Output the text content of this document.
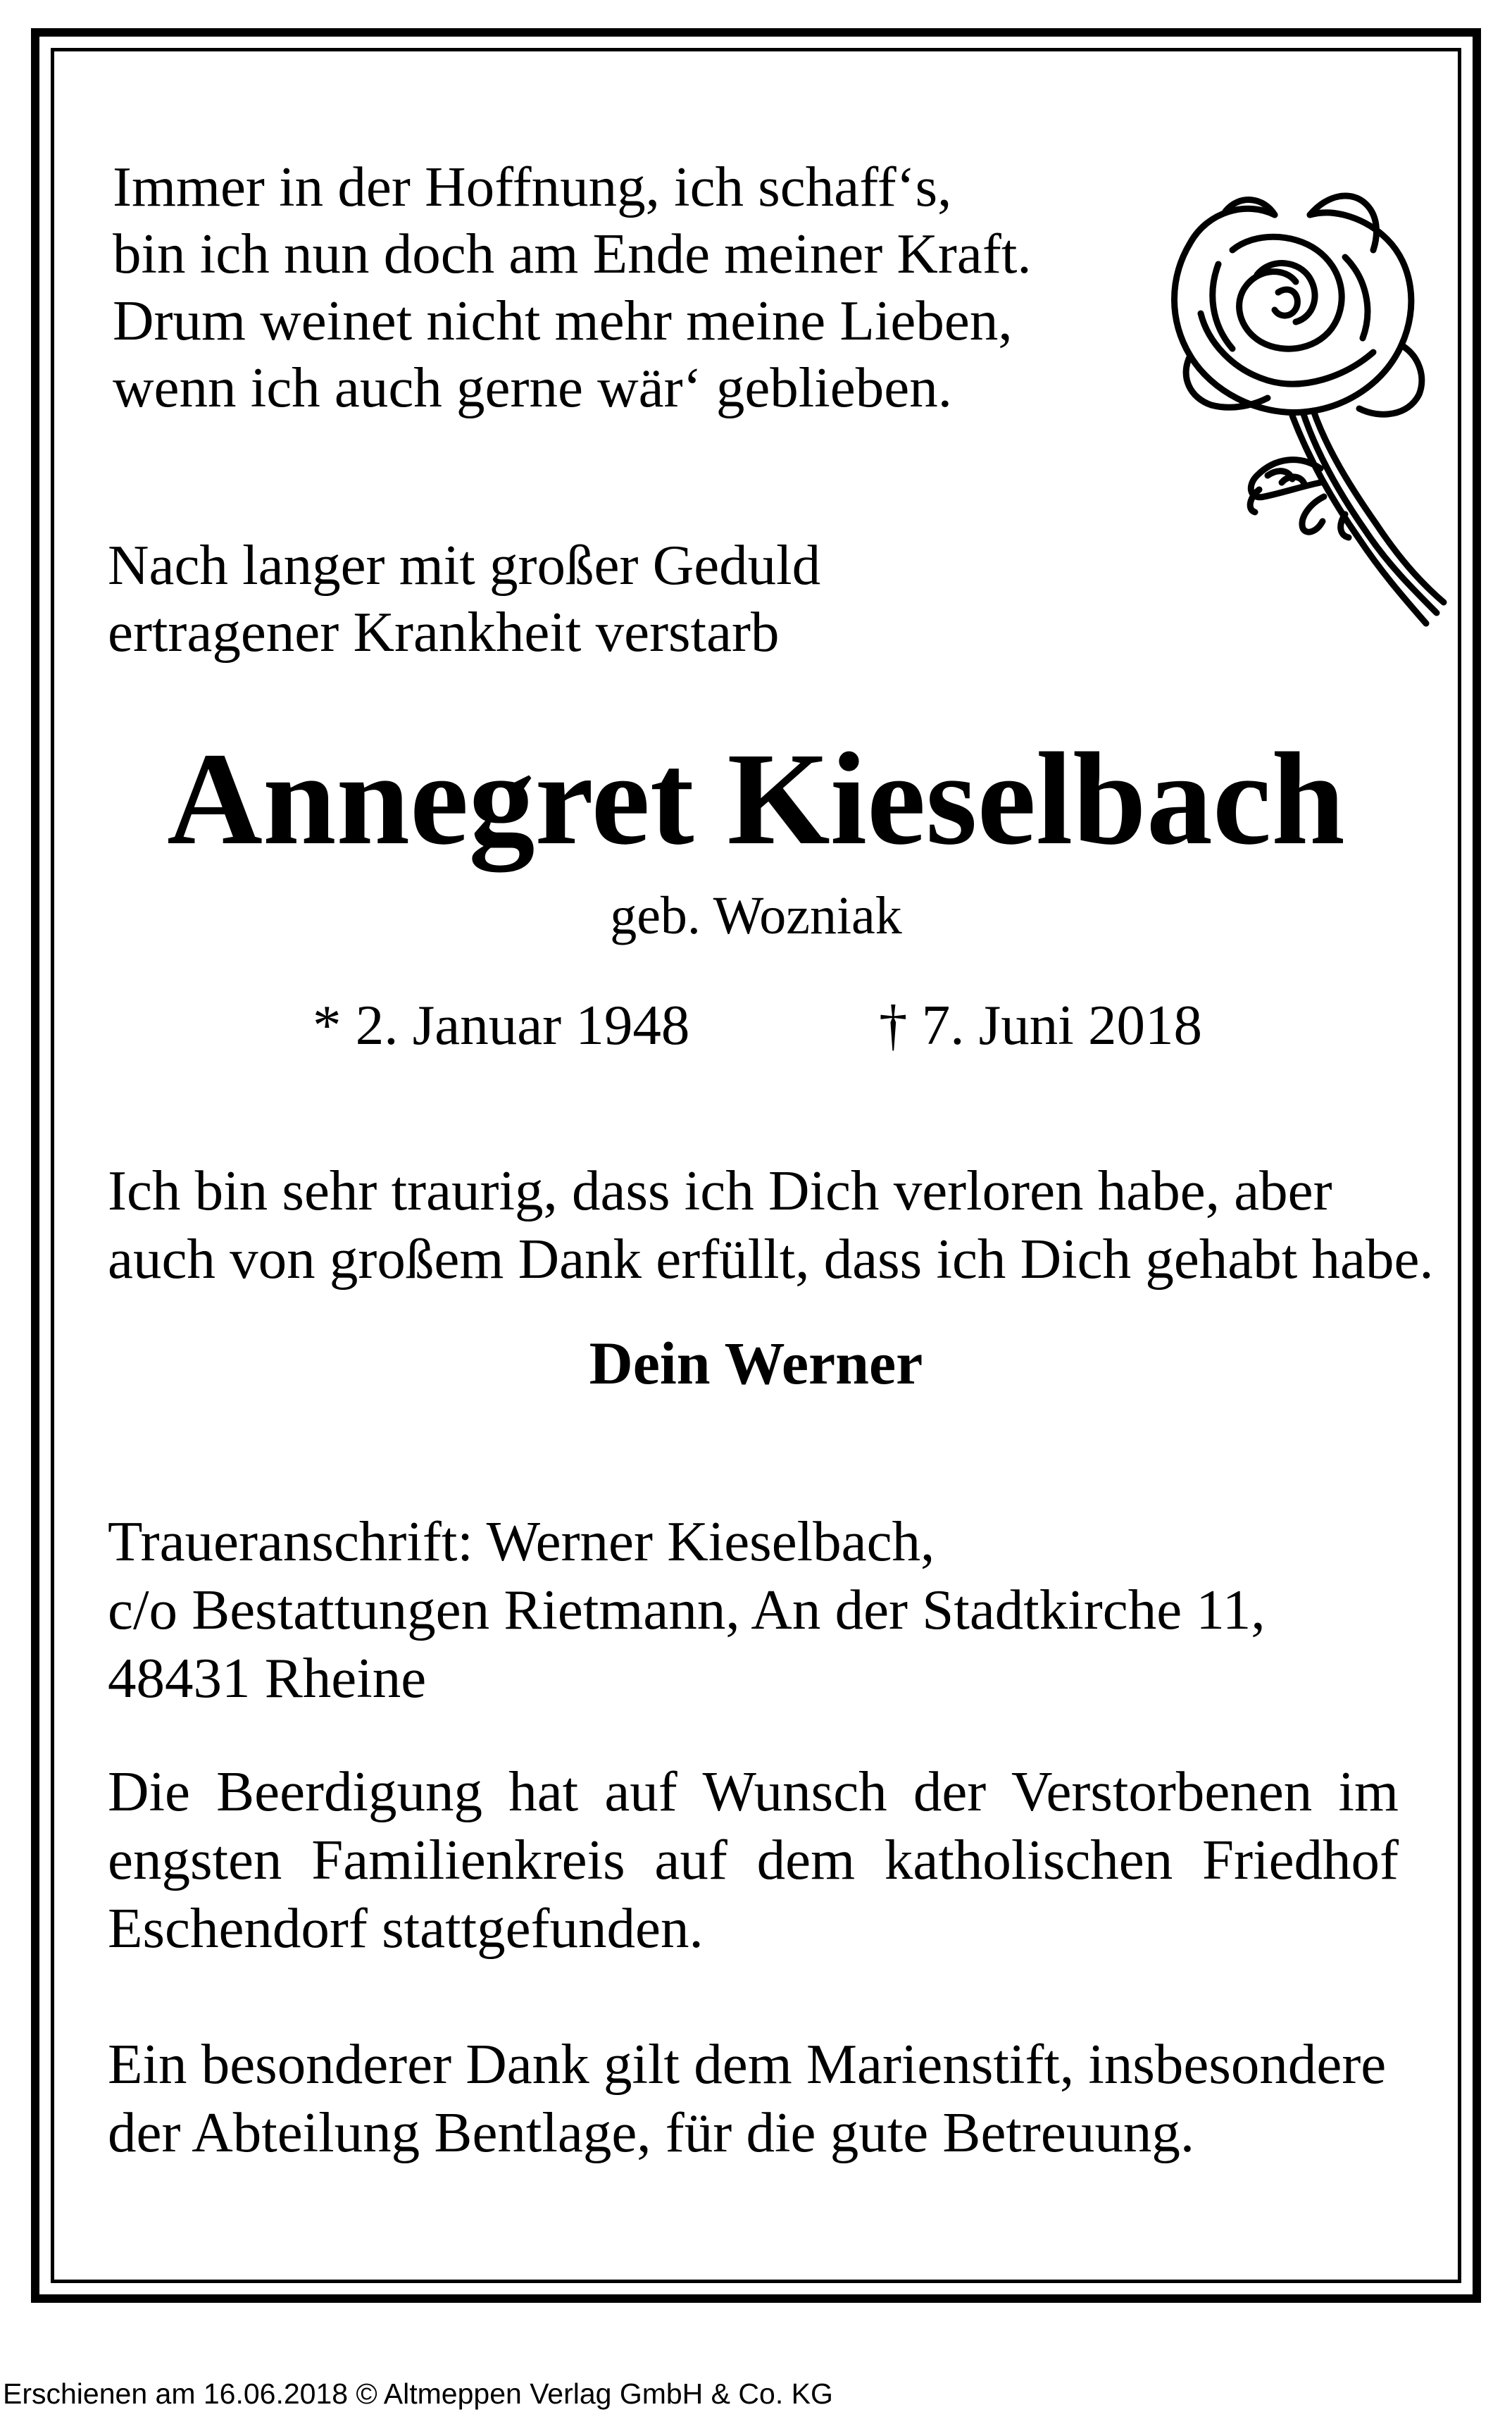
Immer in der Hoffnung, ich schaff‘s,
bin ich nun doch am Ende meiner Kraft.
Drum weinet nicht mehr meine Lieben,
wenn ich auch gerne wär‘ geblieben.
Nach langer mit großer Geduld
ertragener Krankheit verstarb
Annegret Kieselbach
geb. Wozniak
* 2. Januar 1948	† 7. Juni 2018
Ich bin sehr traurig, dass ich Dich verloren habe, aber
auch von großem Dank erfüllt, dass ich Dich gehabt habe.
Dein Werner
Traueranschrift: Werner Kieselbach,
c/o Bestattungen Rietmann, An der Stadtkirche 11,
48431 Rheine
Die Beerdigung hat auf Wunsch der Verstorbenen im
engsten Familienkreis auf dem katholischen Friedhof
Eschendorf stattgefunden.
Ein besonderer Dank gilt dem Marienstift, insbesondere
der Abteilung Bentlage, für die gute Betreuung.
Erschienen am 16.06.2018 © Altmeppen Verlag GmbH & Co. KG
